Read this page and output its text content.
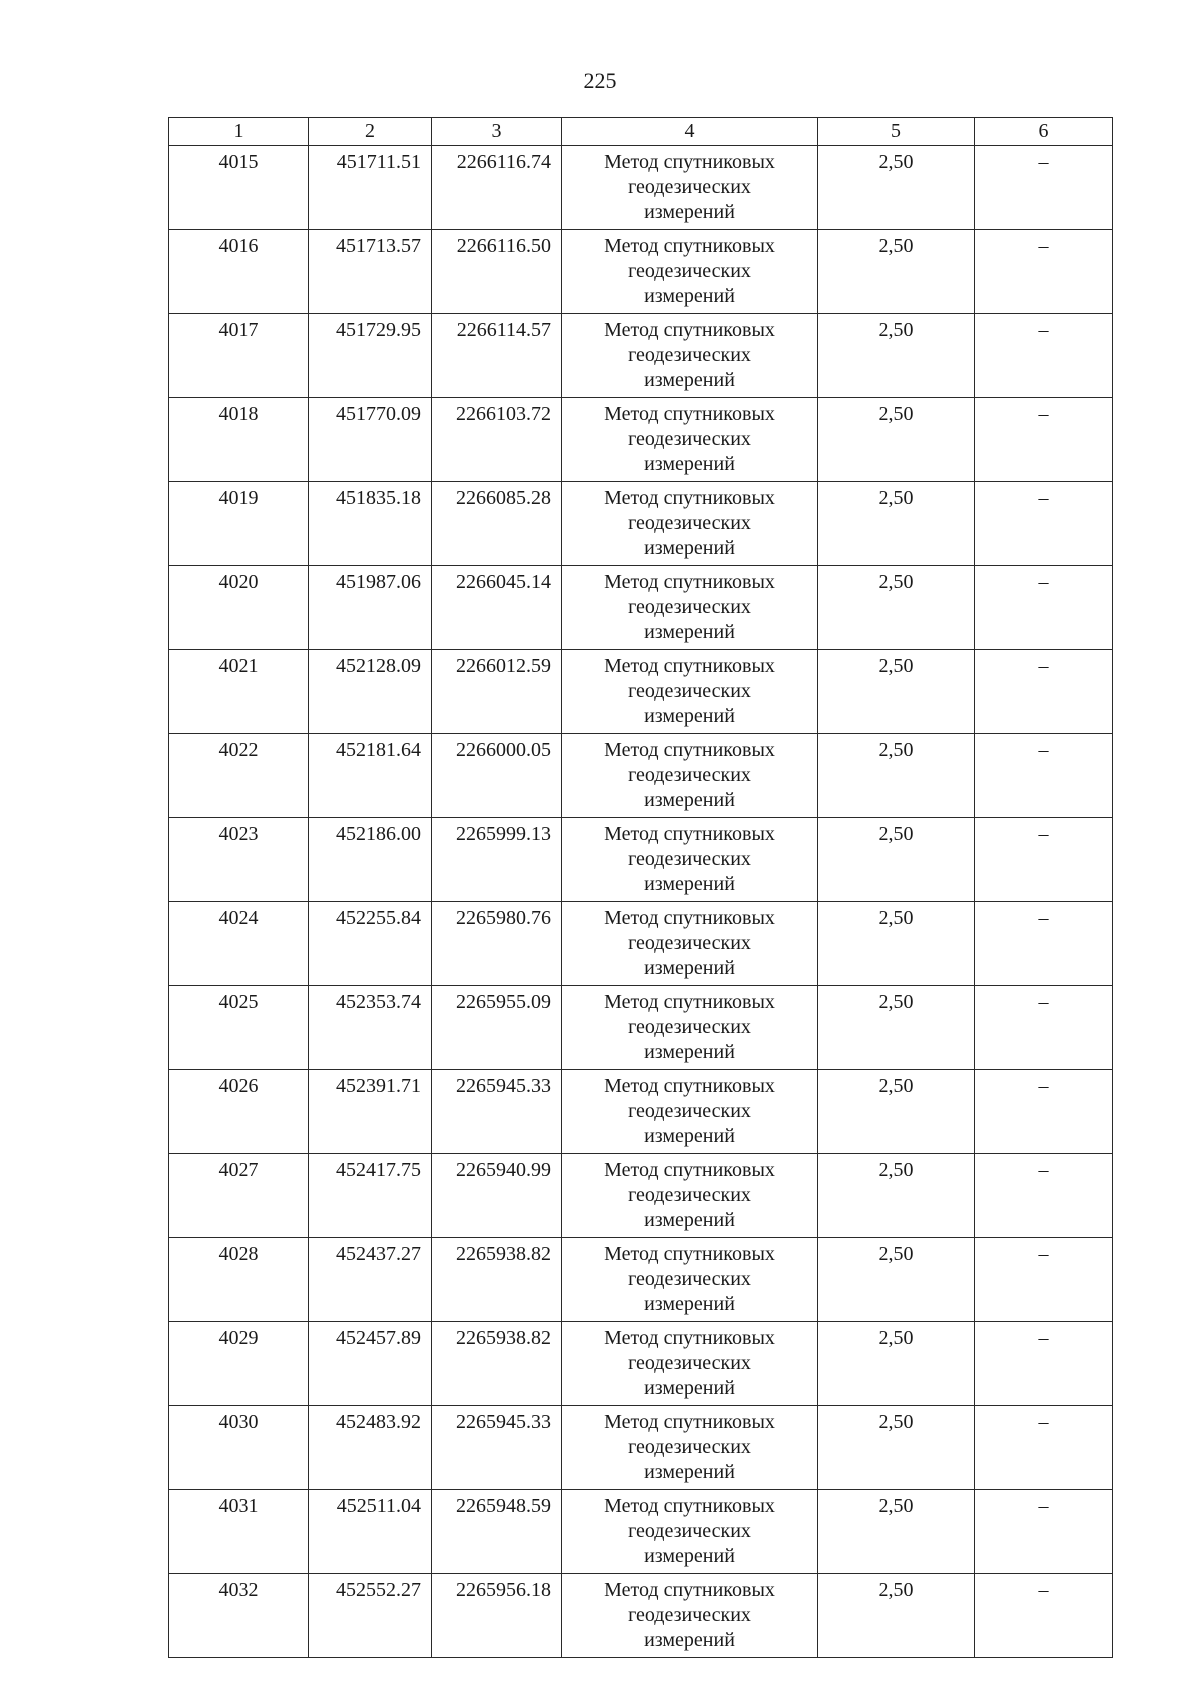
225
1	2	3	4	5	6
4015	451711.51	2266116.74	Метод спутниковых
геодезических
измерений	2,50	–
4016	451713.57	2266116.50	Метод спутниковых
геодезических
измерений	2,50	–
4017	451729.95	2266114.57	Метод спутниковых
геодезических
измерений	2,50	–
4018	451770.09	2266103.72	Метод спутниковых
геодезических
измерений	2,50	–
4019	451835.18	2266085.28	Метод спутниковых
геодезических
измерений	2,50	–
4020	451987.06	2266045.14	Метод спутниковых
геодезических
измерений	2,50	–
4021	452128.09	2266012.59	Метод спутниковых
геодезических
измерений	2,50	–
4022	452181.64	2266000.05	Метод спутниковых
геодезических
измерений	2,50	–
4023	452186.00	2265999.13	Метод спутниковых
геодезических
измерений	2,50	–
4024	452255.84	2265980.76	Метод спутниковых
геодезических
измерений	2,50	–
4025	452353.74	2265955.09	Метод спутниковых
геодезических
измерений	2,50	–
4026	452391.71	2265945.33	Метод спутниковых
геодезических
измерений	2,50	–
4027	452417.75	2265940.99	Метод спутниковых
геодезических
измерений	2,50	–
4028	452437.27	2265938.82	Метод спутниковых
геодезических
измерений	2,50	–
4029	452457.89	2265938.82	Метод спутниковых
геодезических
измерений	2,50	–
4030	452483.92	2265945.33	Метод спутниковых
геодезических
измерений	2,50	–
4031	452511.04	2265948.59	Метод спутниковых
геодезических
измерений	2,50	–
4032	452552.27	2265956.18	Метод спутниковых
геодезических
измерений	2,50	–
